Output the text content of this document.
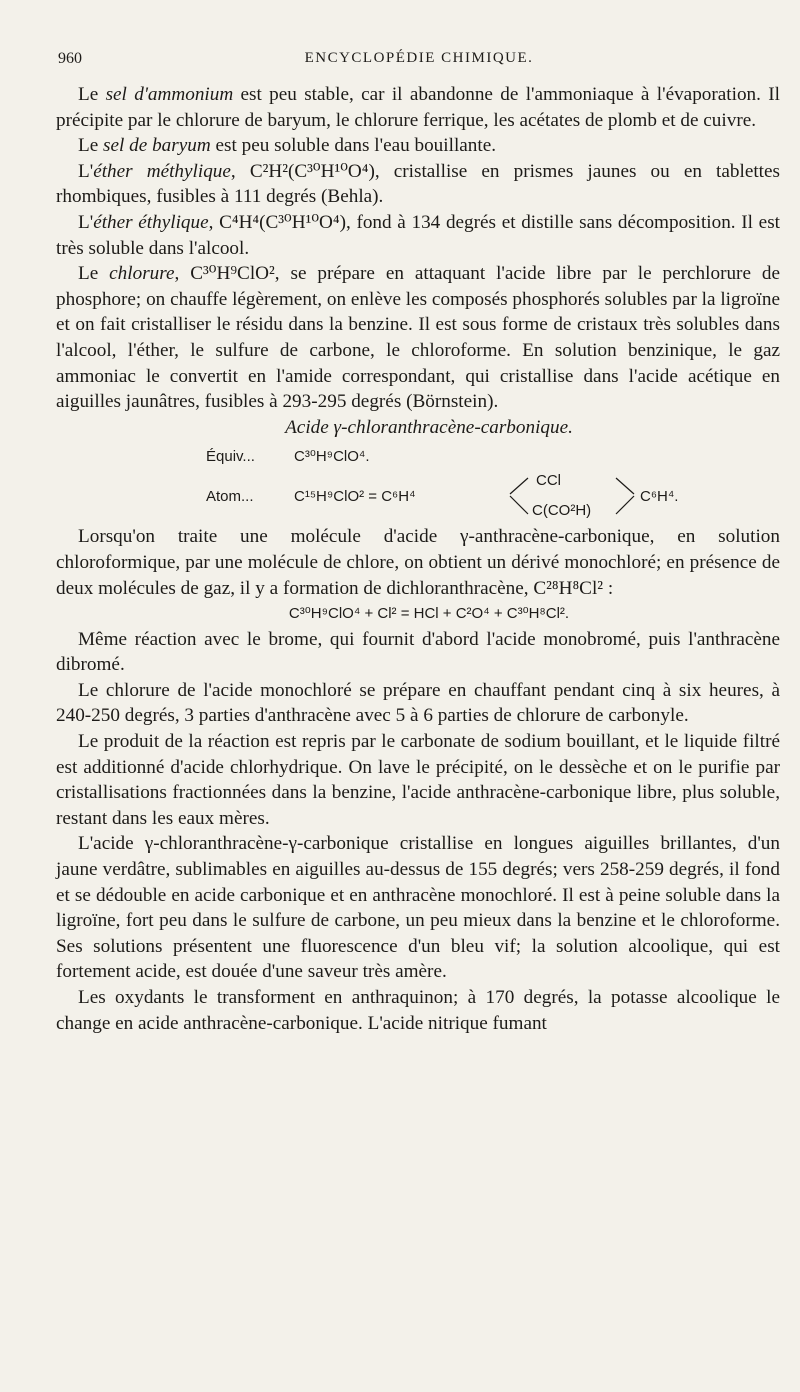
960	ENCYCLOPÉDIE CHIMIQUE.

Le sel d'ammonium est peu stable, car il abandonne de l'ammoniaque à l'évaporation. Il précipite par le chlorure de baryum, le chlorure ferrique, les acétates de plomb et de cuivre.

Le sel de baryum est peu soluble dans l'eau bouillante.

L'éther méthylique, C²H²(C³⁰H¹⁰O⁴), cristallise en prismes jaunes ou en tablettes rhombiques, fusibles à 111 degrés (Behla).

L'éther éthylique, C⁴H⁴(C³⁰H¹⁰O⁴), fond à 134 degrés et distille sans décomposition. Il est très soluble dans l'alcool.

Le chlorure, C³⁰H⁹ClO², se prépare en attaquant l'acide libre par le perchlorure de phosphore; on chauffe légèrement, on enlève les composés phosphorés solubles par la ligroïne et on fait cristalliser le résidu dans la benzine. Il est sous forme de cristaux très solubles dans l'alcool, l'éther, le sulfure de carbone, le chloroforme. En solution benzinique, le gaz ammoniac le convertit en l'amide correspondant, qui cristallise dans l'acide acétique en aiguilles jaunâtres, fusibles à 293-295 degrés (Börnstein).

Acide γ-chloranthracène-carbonique.

Équiv...	C³⁰H⁹ClO⁴.
Atom...	C¹⁵H⁹ClO² = C⁶H⁴
CCl
C(CO²H)
C⁶H⁴.

Lorsqu'on traite une molécule d'acide γ-anthracène-carbonique, en solution chloroformique, par une molécule de chlore, on obtient un dérivé monochloré; en présence de deux molécules de gaz, il y a formation de dichloranthracène, C²⁸H⁸Cl² :

C³⁰H⁹ClO⁴ + Cl² = HCl + C²O⁴ + C³⁰H⁸Cl².

Même réaction avec le brome, qui fournit d'abord l'acide monobromé, puis l'anthracène dibromé.

Le chlorure de l'acide monochloré se prépare en chauffant pendant cinq à six heures, à 240-250 degrés, 3 parties d'anthracène avec 5 à 6 parties de chlorure de carbonyle.

Le produit de la réaction est repris par le carbonate de sodium bouillant, et le liquide filtré est additionné d'acide chlorhydrique. On lave le précipité, on le dessèche et on le purifie par cristallisations fractionnées dans la benzine, l'acide anthracène-carbonique libre, plus soluble, restant dans les eaux mères.

L'acide γ-chloranthracène-γ-carbonique cristallise en longues aiguilles brillantes, d'un jaune verdâtre, sublimables en aiguilles au-dessus de 155 degrés; vers 258-259 degrés, il fond et se dédouble en acide carbonique et en anthracène monochloré. Il est à peine soluble dans la ligroïne, fort peu dans le sulfure de carbone, un peu mieux dans la benzine et le chloroforme. Ses solutions présentent une fluorescence d'un bleu vif; la solution alcoolique, qui est fortement acide, est douée d'une saveur très amère.

Les oxydants le transforment en anthraquinon; à 170 degrés, la potasse alcoolique le change en acide anthracène-carbonique. L'acide nitrique fumant
